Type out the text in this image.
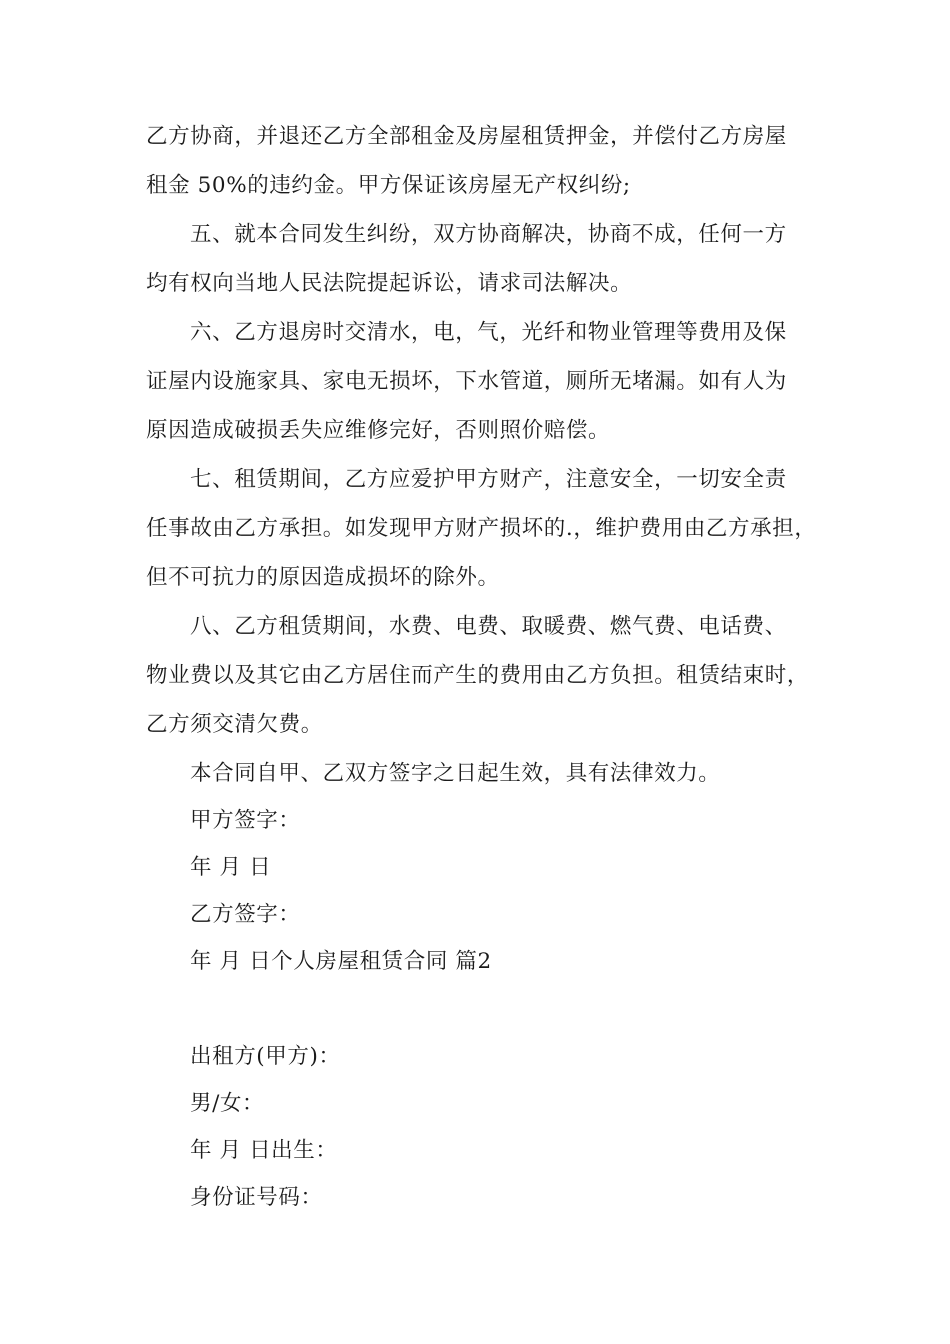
乙方协商，并退还乙方全部租金及房屋租赁押金，并偿付乙方房屋
租金 50%的违约金。甲方保证该房屋无产权纠纷;
五、就本合同发生纠纷，双方协商解决，协商不成，任何一方
均有权向当地人民法院提起诉讼，请求司法解决。
六、乙方退房时交清水，电，气，光纤和物业管理等费用及保
证屋内设施家具、家电无损坏，下水管道，厕所无堵漏。如有人为
原因造成破损丢失应维修完好，否则照价赔偿。
七、租赁期间，乙方应爱护甲方财产，注意安全，一切安全责
任事故由乙方承担。如发现甲方财产损坏的.，维护费用由乙方承担，
但不可抗力的原因造成损坏的除外。
八、乙方租赁期间，水费、电费、取暖费、燃气费、电话费、
物业费以及其它由乙方居住而产生的费用由乙方负担。租赁结束时，
乙方须交清欠费。
本合同自甲、乙双方签字之日起生效，具有法律效力。
甲方签字：
年 月 日
乙方签字：
年 月 日个人房屋租赁合同 篇2
出租方(甲方)：
男/女：
年 月 日出生：
身份证号码：
